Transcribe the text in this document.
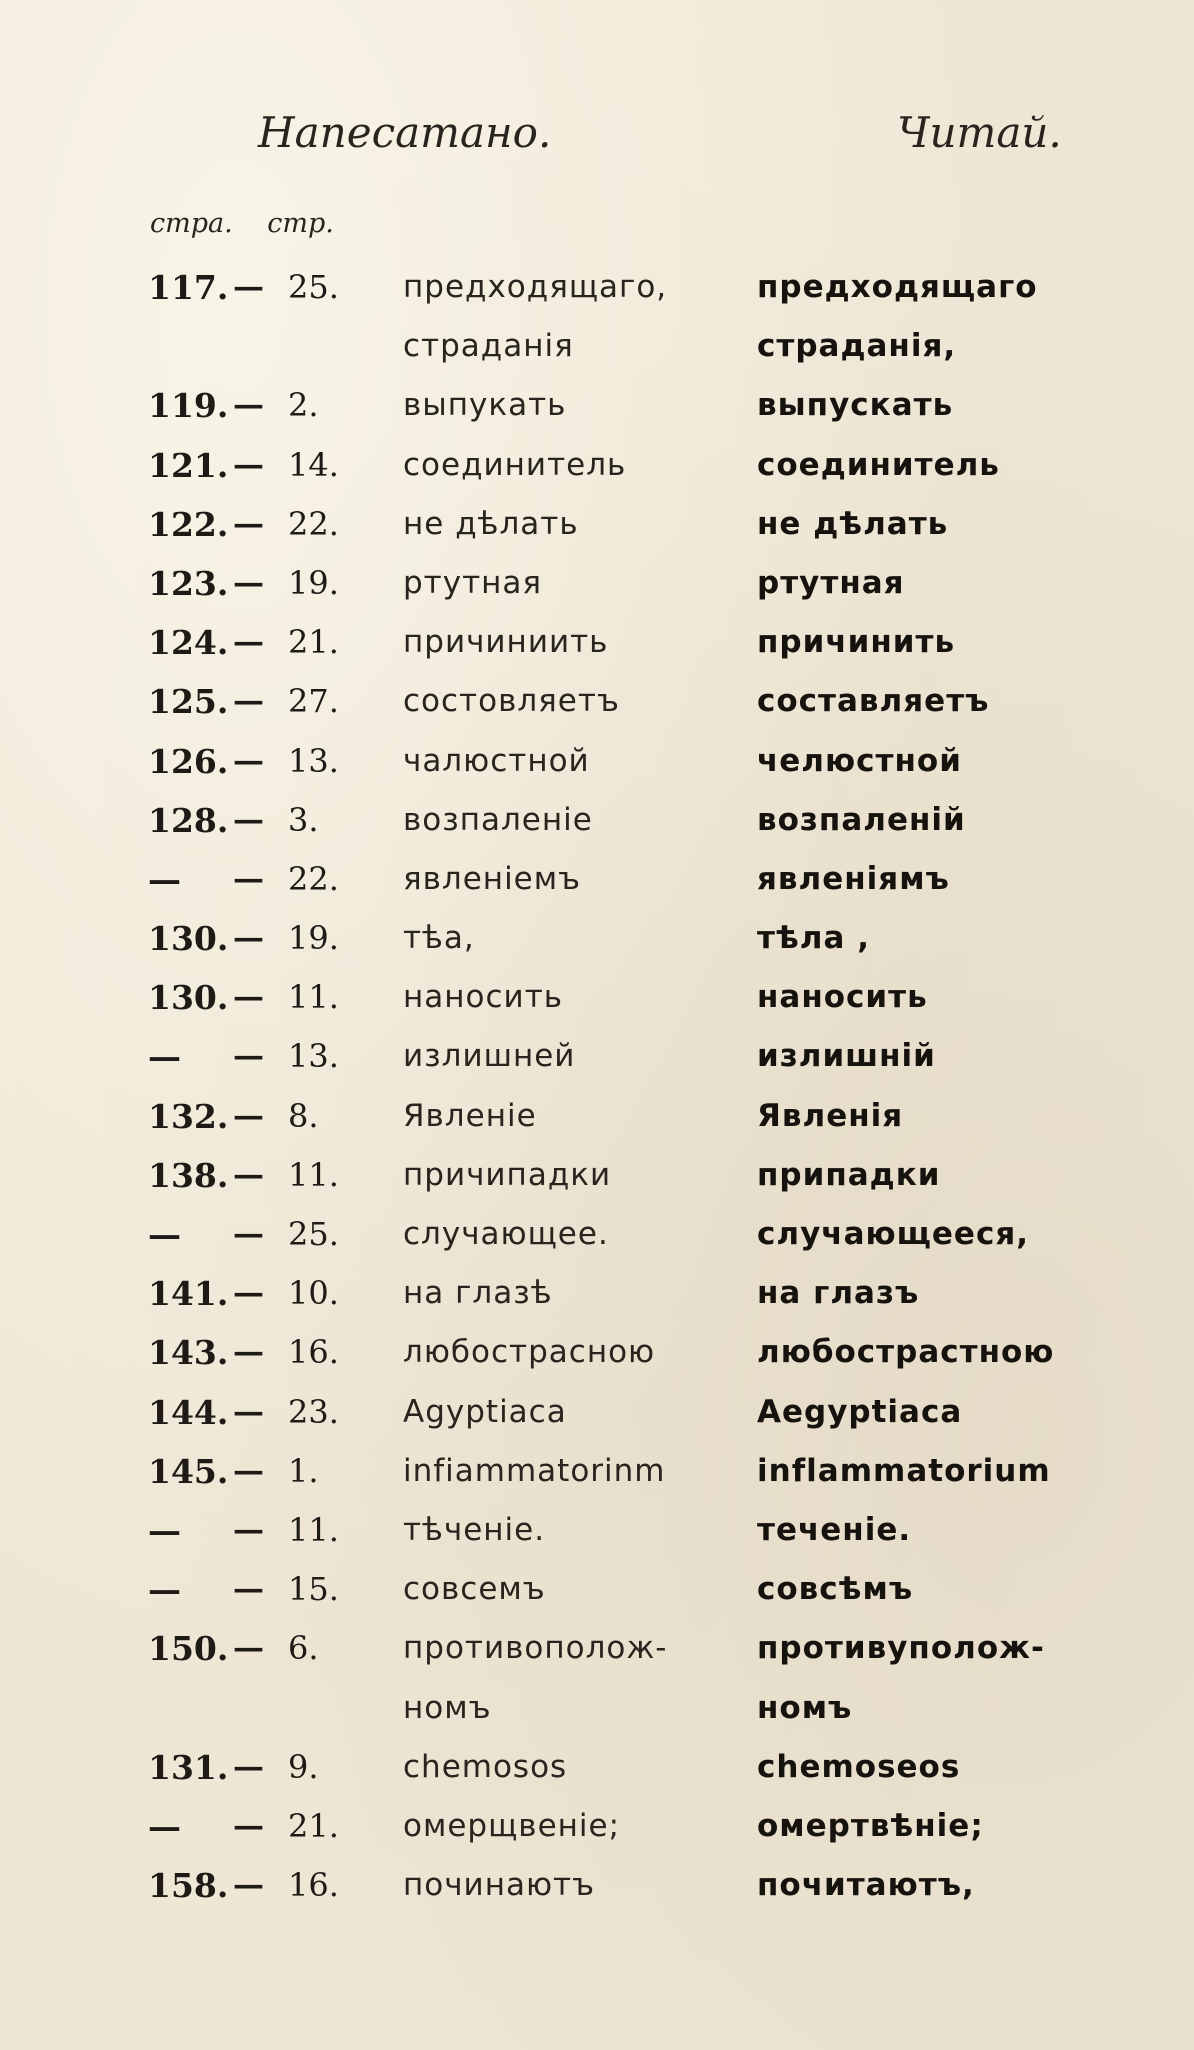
Напесатано.	Читай.
стра. стр.
117. — 25.	предходящаго,	предходящаго
страданія	страданія,
119. — 2.	выпукать	выпускать
121. — 14.	соединитель	соединитель
122. — 22.	не дѣлать	не дѣлать
123. — 19.	ртутная	ртутная
124. — 21.	причиниить	причинить
125. — 27.	состовляетъ	составляетъ
126. — 13.	чалюстной	челюстной
128. — 3.	возпаленіе	возпаленій
—	— 22.	явленіемъ	явленіямъ
130. — 19.	тѣа,	тѣла ,
130. — 11.	наносить	наносить
—	— 13.	излишней	излишній
132. — 8.	Явленіе	Явленія
138. — 11.	причипадки	припадки
—	— 25.	случающее.	случающееся,
141. — 10.	на глазѣ	на глазъ
143. — 16.	любострасною	любострастною
144. — 23.	Agyptiaca	Aegyptiaca
145. — 1.	infiammatorinm	inflammatorium
—	— 11.	тѣченіе.	теченіе.
—	— 15.	совсемъ	совсѣмъ
150. — 6.	противополож-	противуполож-
номъ	номъ
131. — 9.	chemosos	chemoseos
—	— 21.	омерщвеніе;	омертвѣніе;
158. — 16.	починаютъ	почитаютъ,
